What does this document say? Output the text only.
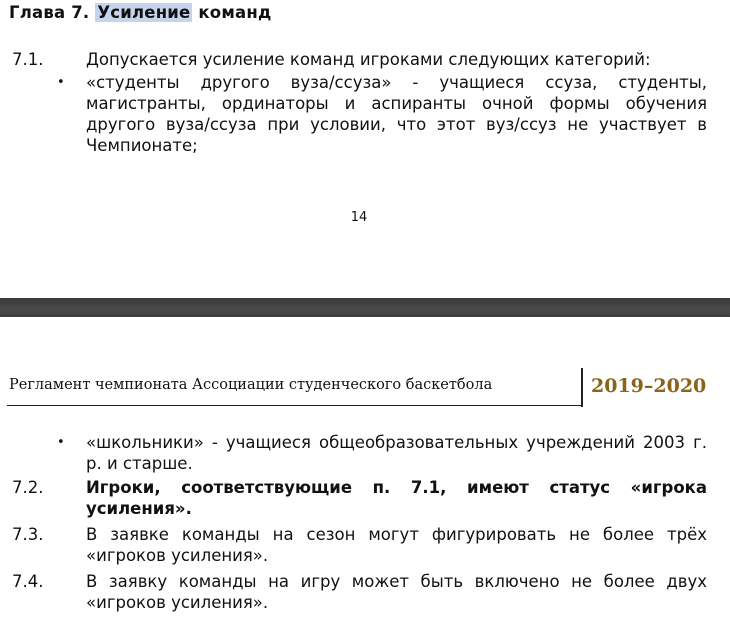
Глава 7. Усиление команд
7.1.	Допускается усиление команд игроками следующих категорий:
• «студенты другого вуза/ссуза» - учащиеся ссуза, студенты, магистранты, ординаторы и аспиранты очной формы обучения другого вуза/ссуза при условии, что этот вуз/ссуз не участвует в Чемпионате;
14
Регламент чемпионата Ассоциации студенческого баскетбола	2019–2020
• «школьники» - учащиеся общеобразовательных учреждений 2003 г. р. и старше.
7.2.	Игроки, соответствующие п. 7.1, имеют статус «игрока усиления».
7.3.	В заявке команды на сезон могут фигурировать не более трёх «игроков усиления».
7.4.	В заявку команды на игру может быть включено не более двух «игроков усиления».
